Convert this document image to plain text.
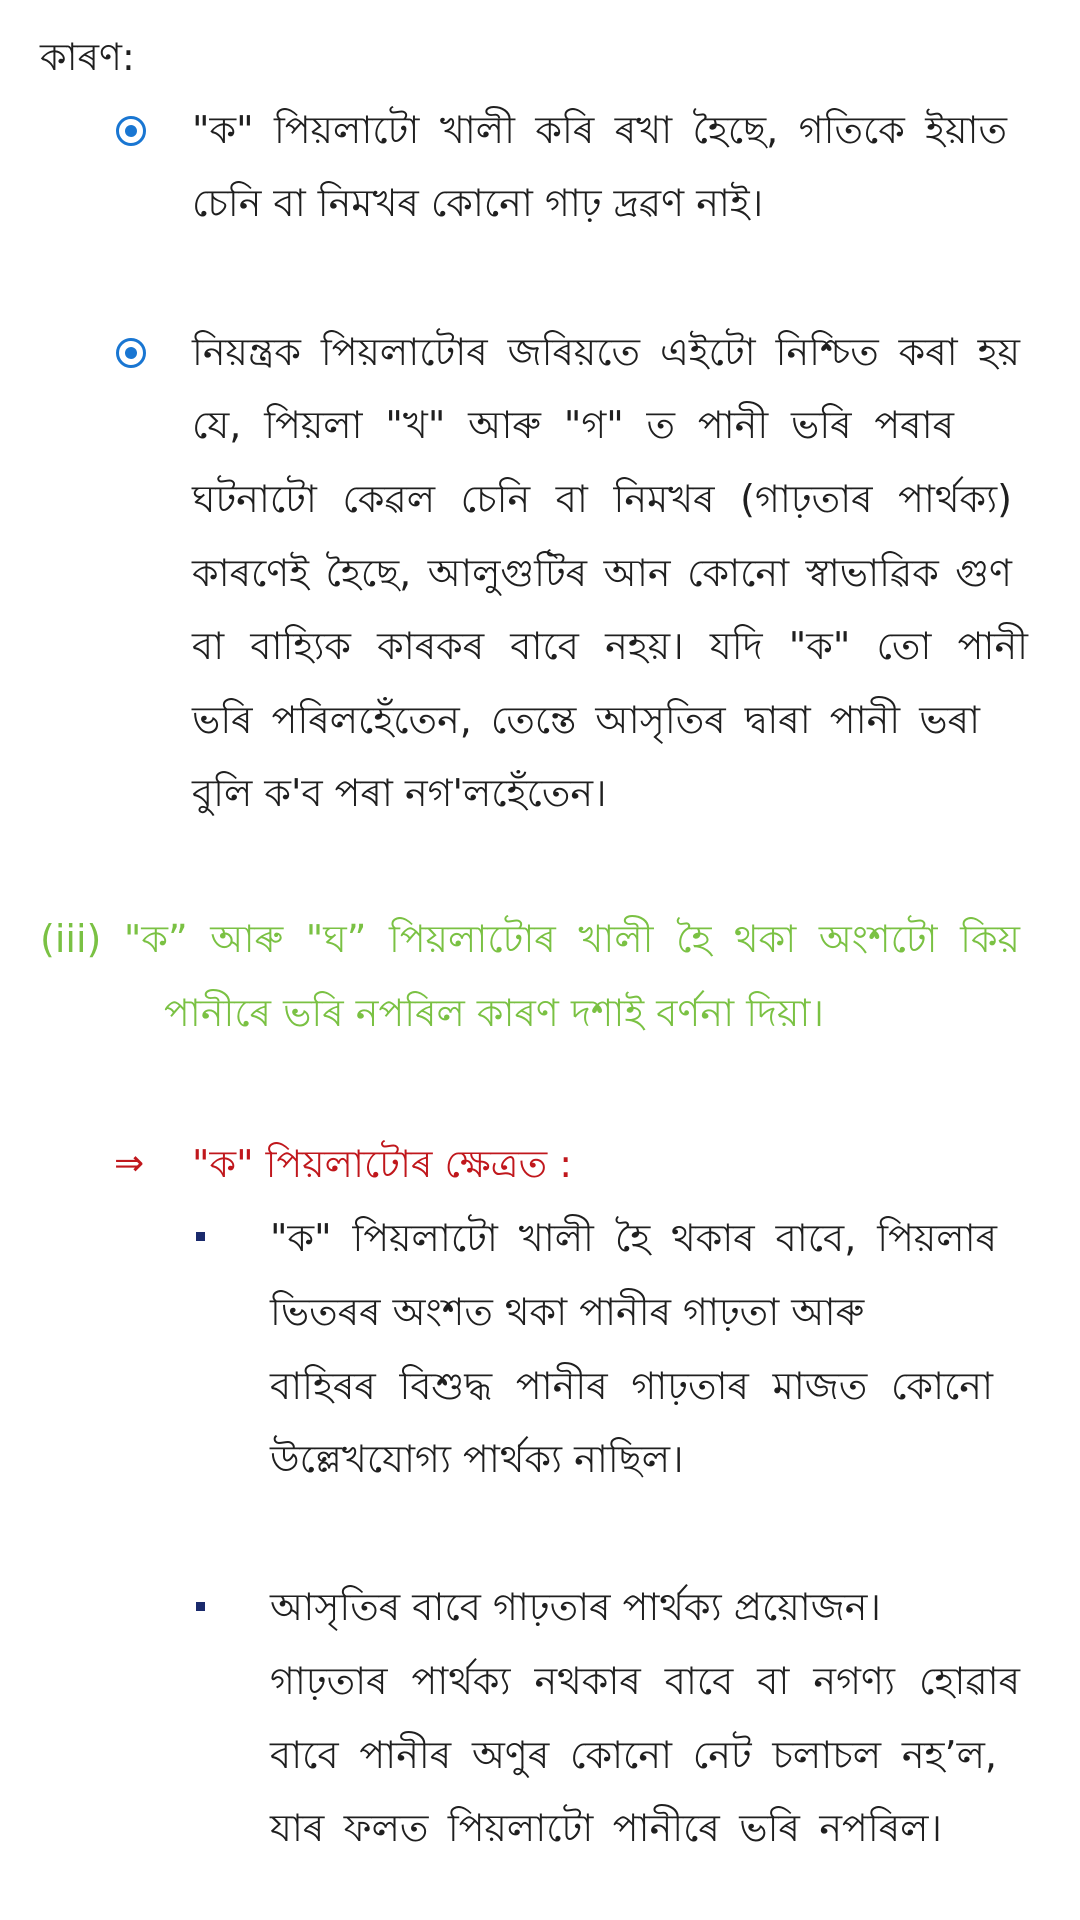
কাৰণ:
"ক" পিয়লাটো খালী কৰি ৰখা হৈছে, গতিকে ইয়াত
চেনি বা নিমখৰ কোনো গাঢ় দ্ৰৱণ নাই।
নিয়ন্ত্ৰক পিয়লাটোৰ জৰিয়তে এইটো নিশ্চিত কৰা হয়
যে, পিয়লা "খ" আৰু "গ" ত পানী ভৰি পৰাৰ
ঘটনাটো কেৱল চেনি বা নিমখৰ (গাঢ়তাৰ পাৰ্থক্য)
কাৰণেই হৈছে, আলুগুটিৰ আন কোনো স্বাভাৱিক গুণ
বা বাহ্যিক কাৰকৰ বাবে নহয়। যদি "ক" তো পানী
ভৰি পৰিলহেঁতেন, তেন্তে আসৃতিৰ দ্বাৰা পানী ভৰা
বুলি ক'ব পৰা নগ'লহেঁতেন।
(iii) "ক” আৰু "ঘ” পিয়লাটোৰ খালী হৈ থকা অংশটো কিয়
পানীৰে ভৰি নপৰিল কাৰণ দশাই বৰ্ণনা দিয়া।
⇒ "ক" পিয়লাটোৰ ক্ষেত্ৰত :
"ক" পিয়লাটো খালী হৈ থকাৰ বাবে, পিয়লাৰ
ভিতৰৰ অংশত থকা পানীৰ গাঢ়তা আৰু
বাহিৰৰ বিশুদ্ধ পানীৰ গাঢ়তাৰ মাজত কোনো
উল্লেখযোগ্য পাৰ্থক্য নাছিল।
আসৃতিৰ বাবে গাঢ়তাৰ পাৰ্থক্য প্ৰয়োজন।
গাঢ়তাৰ পাৰ্থক্য নথকাৰ বাবে বা নগণ্য হোৱাৰ
বাবে পানীৰ অণুৰ কোনো নেট চলাচল নহ’ল,
যাৰ ফলত পিয়লাটো পানীৰে ভৰি নপৰিল।
